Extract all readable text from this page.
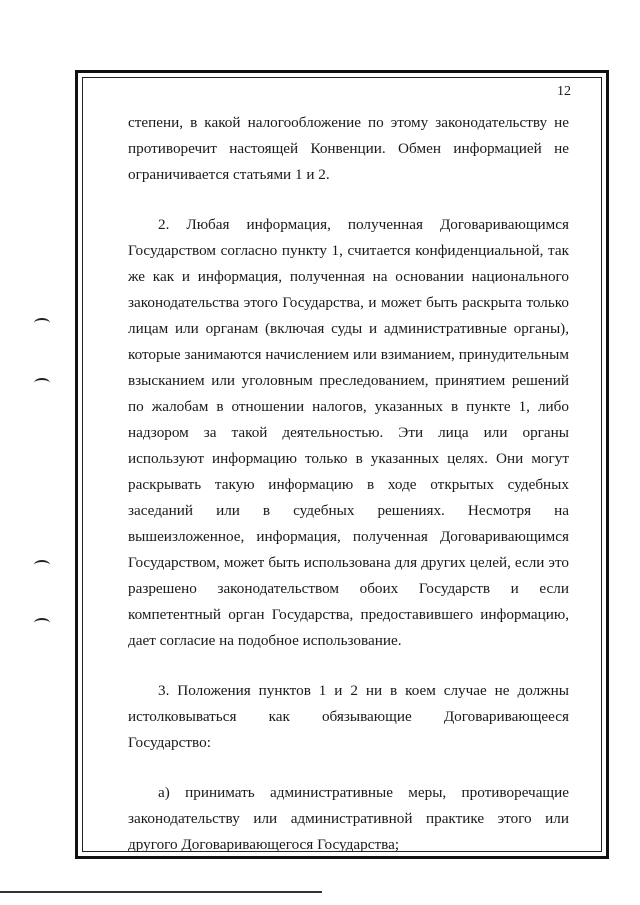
12

степени, в какой налогообложение по этому законодательству не противоречит настоящей Конвенции. Обмен информацией не ограничивается статьями 1 и 2.

2. Любая информация, полученная Договаривающимся Государством согласно пункту 1, считается конфиденциальной, так же как и информация, полученная на основании национального законодательства этого Государства, и может быть раскрыта только лицам или органам (включая суды и административные органы), которые занимаются начислением или взиманием, принудительным взысканием или уголовным преследованием, принятием решений по жалобам в отношении налогов, указанных в пункте 1, либо надзором за такой деятельностью. Эти лица или органы используют информацию только в указанных целях. Они могут раскрывать такую информацию в ходе открытых судебных заседаний или в судебных решениях. Несмотря на вышеизложенное, информация, полученная Договаривающимся Государством, может быть использована для других целей, если это разрешено законодательством обоих Государств и если компетентный орган Государства, предоставившего информацию, дает согласие на подобное использование.

3. Положения пунктов 1 и 2 ни в коем случае не должны истолковываться как обязывающие Договаривающееся Государство:

a) принимать административные меры, противоречащие законодательству или административной практике этого или другого Договаривающегося Государства;
